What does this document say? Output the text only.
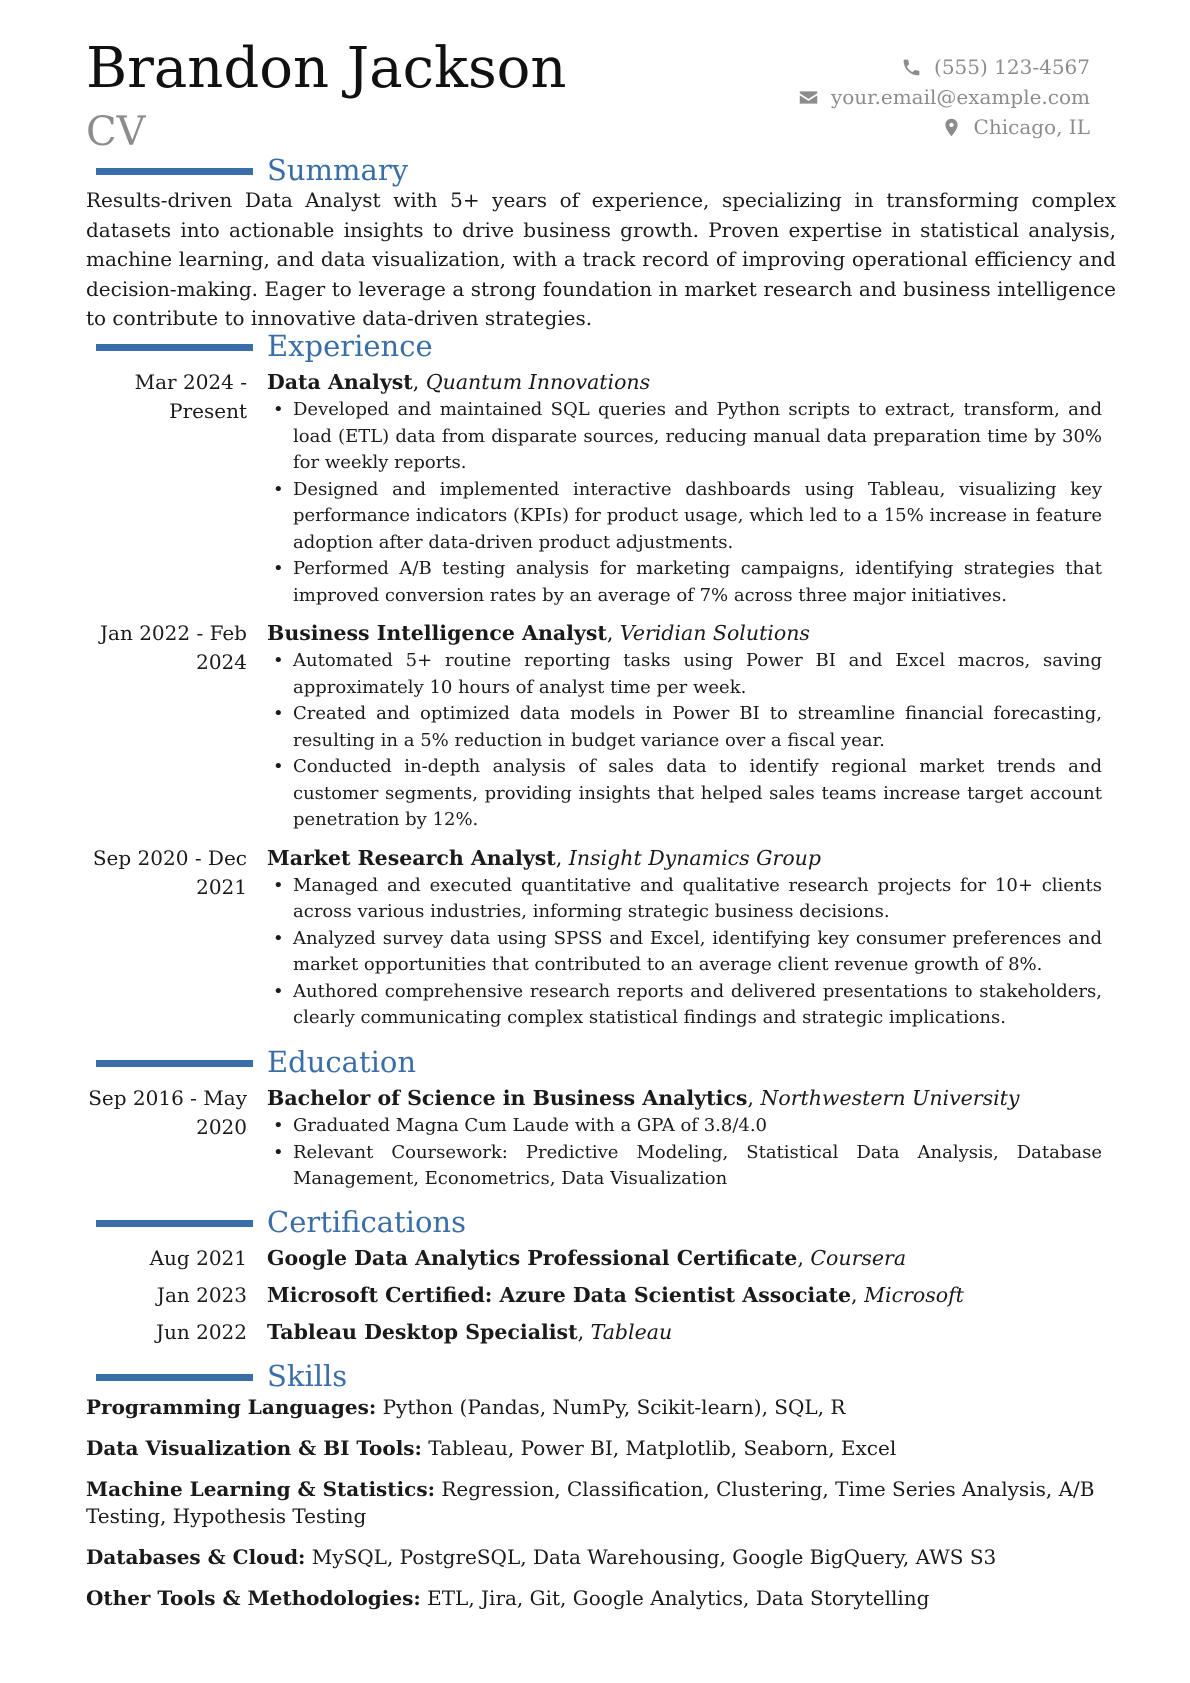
Brandon Jackson
CV
(555) 123-4567
your.email@example.com
Chicago, IL
Summary

Results-driven Data Analyst with 5+ years of experience, specializing in transforming complex datasets into actionable insights to drive business growth. Proven expertise in statistical analysis, machine learning, and data visualization, with a track record of improving operational efficiency and decision-making. Eager to leverage a strong foundation in market research and business intelligence to contribute to innovative data-driven strategies.

Experience
Mar 2024 - Present
Data Analyst, Quantum Innovations
• Developed and maintained SQL queries and Python scripts to extract, transform, and load (ETL) data from disparate sources, reducing manual data preparation time by 30% for weekly reports.
• Designed and implemented interactive dashboards using Tableau, visualizing key performance indicators (KPIs) for product usage, which led to a 15% increase in feature adoption after data-driven product adjustments.
• Performed A/B testing analysis for marketing campaigns, identifying strategies that improved conversion rates by an average of 7% across three major initiatives.
Jan 2022 - Feb 2024
Business Intelligence Analyst, Veridian Solutions
• Automated 5+ routine reporting tasks using Power BI and Excel macros, saving approximately 10 hours of analyst time per week.
• Created and optimized data models in Power BI to streamline financial forecasting, resulting in a 5% reduction in budget variance over a fiscal year.
• Conducted in-depth analysis of sales data to identify regional market trends and customer segments, providing insights that helped sales teams increase target account penetration by 12%.
Sep 2020 - Dec 2021
Market Research Analyst, Insight Dynamics Group
• Managed and executed quantitative and qualitative research projects for 10+ clients across various industries, informing strategic business decisions.
• Analyzed survey data using SPSS and Excel, identifying key consumer preferences and market opportunities that contributed to an average client revenue growth of 8%.
• Authored comprehensive research reports and delivered presentations to stakeholders, clearly communicating complex statistical findings and strategic implications.
Education
Sep 2016 - May 2020
Bachelor of Science in Business Analytics, Northwestern University
• Graduated Magna Cum Laude with a GPA of 3.8/4.0
• Relevant Coursework: Predictive Modeling, Statistical Data Analysis, Database Management, Econometrics, Data Visualization
Certifications
Aug 2021 Google Data Analytics Professional Certificate, Coursera
Jan 2023 Microsoft Certified: Azure Data Scientist Associate, Microsoft
Jun 2022 Tableau Desktop Specialist, Tableau
Skills
Programming Languages: Python (Pandas, NumPy, Scikit-learn), SQL, R
Data Visualization & BI Tools: Tableau, Power BI, Matplotlib, Seaborn, Excel
Machine Learning & Statistics: Regression, Classification, Clustering, Time Series Analysis, A/B Testing, Hypothesis Testing
Databases & Cloud: MySQL, PostgreSQL, Data Warehousing, Google BigQuery, AWS S3
Other Tools & Methodologies: ETL, Jira, Git, Google Analytics, Data Storytelling
